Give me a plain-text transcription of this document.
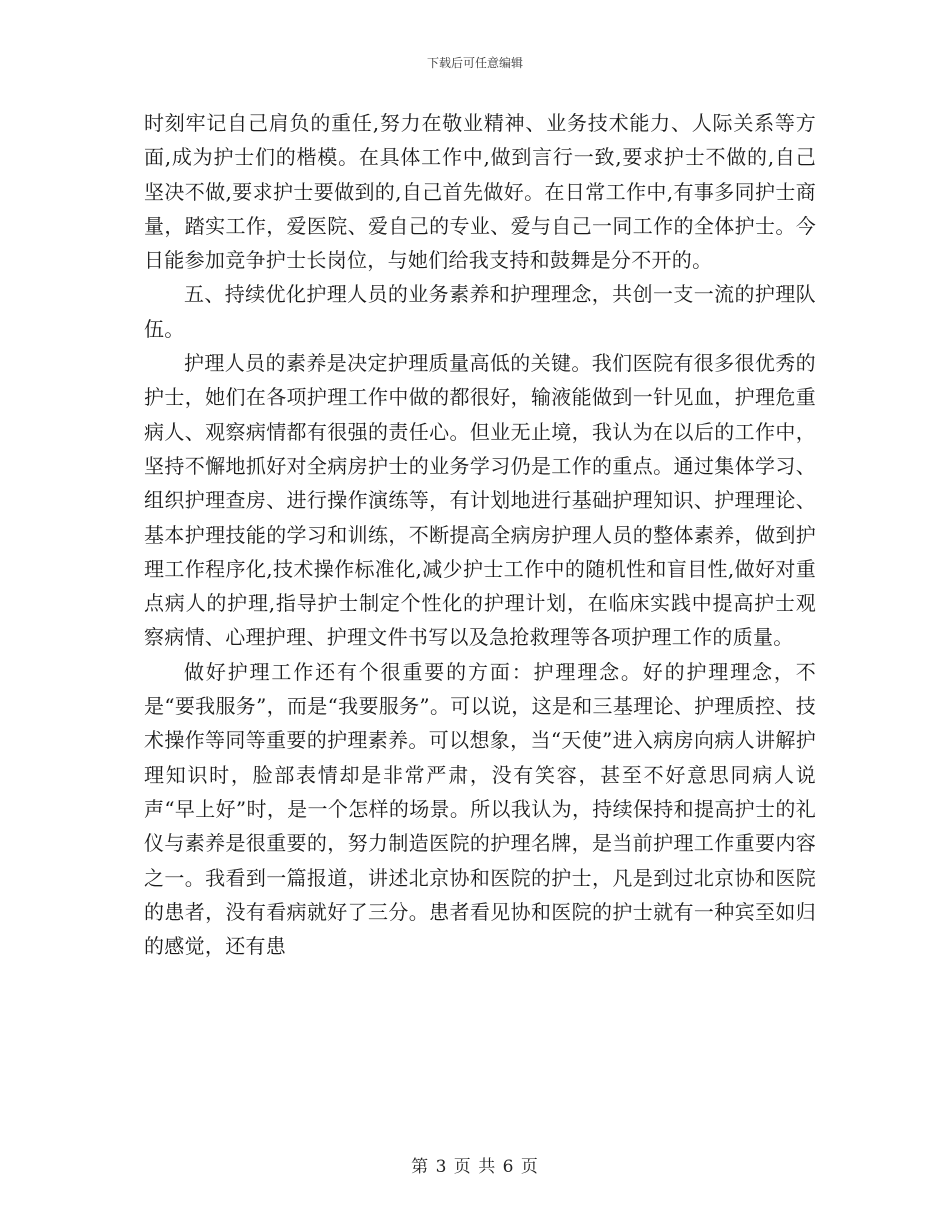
下载后可任意编辑

时刻牢记自己肩负的重任,努力在敬业精神、业务技术能力、人际关系等方面,成为护士们的楷模。在具体工作中,做到言行一致,要求护士不做的,自己坚决不做,要求护士要做到的,自己首先做好。在日常工作中,有事多同护士商量，踏实工作，爱医院、爱自己的专业、爱与自己一同工作的全体护士。今日能参加竞争护士长岗位，与她们给我支持和鼓舞是分不开的。

五、持续优化护理人员的业务素养和护理理念，共创一支一流的护理队伍。

护理人员的素养是决定护理质量高低的关键。我们医院有很多很优秀的护士，她们在各项护理工作中做的都很好，输液能做到一针见血，护理危重病人、观察病情都有很强的责任心。但业无止境，我认为在以后的工作中，坚持不懈地抓好对全病房护士的业务学习仍是工作的重点。通过集体学习、组织护理查房、进行操作演练等，有计划地进行基础护理知识、护理理论、基本护理技能的学习和训练，不断提高全病房护理人员的整体素养，做到护理工作程序化,技术操作标准化,减少护士工作中的随机性和盲目性,做好对重点病人的护理,指导护士制定个性化的护理计划，在临床实践中提高护士观察病情、心理护理、护理文件书写以及急抢救理等各项护理工作的质量。

做好护理工作还有个很重要的方面：护理理念。好的护理理念，不是“要我服务”，而是“我要服务”。可以说，这是和三基理论、护理质控、技术操作等同等重要的护理素养。可以想象，当“天使”进入病房向病人讲解护理知识时，脸部表情却是非常严肃，没有笑容，甚至不好意思同病人说声“早上好”时，是一个怎样的场景。所以我认为，持续保持和提高护士的礼仪与素养是很重要的，努力制造医院的护理名牌，是当前护理工作重要内容之一。我看到一篇报道，讲述北京协和医院的护士，凡是到过北京协和医院的患者，没有看病就好了三分。患者看见协和医院的护士就有一种宾至如归的感觉，还有患

第 3 页 共 6 页
